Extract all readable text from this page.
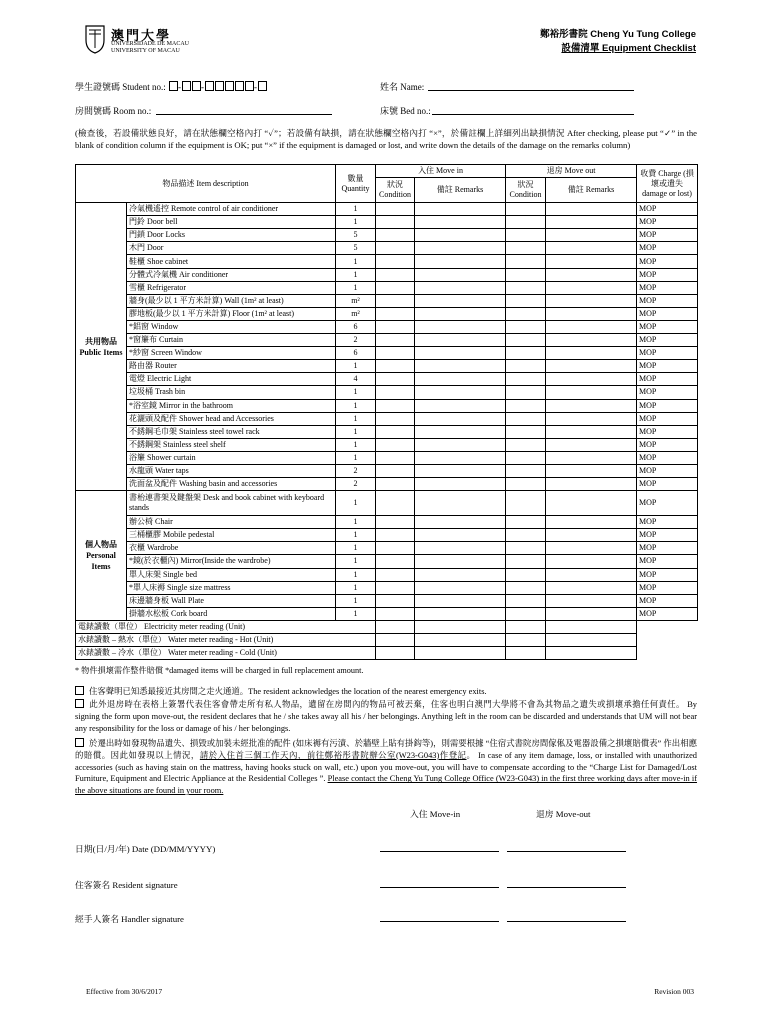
澳門大學
UNIVERSIDADE DE MACAU
UNIVERSITY OF MACAU
鄭裕彤書院 Cheng Yu Tung College
設備清單 Equipment Checklist
學生證號碼 Student no.: - -	-	姓名 Name:
房間號碼 Room no.:	床號 Bed no.:
(檢查後，若設備狀態良好，請在狀態欄空格內打 “✓”；若設備有缺損，請在狀態欄空格內打 “×”，於備註欄上詳細列出缺損情況 After checking, please put “✓” in the blank of condition column if the equipment is OK; put “×” if the equipment is damaged or lost, and write down the details of the damage on the remarks column)
物品描述 Item description		數量 Quantity	入住 Move in		退房 Move out		收費 Charge (損壞或遺失 damage or lost)
			狀況 Condition	備註 Remarks	狀況 Condition	備註 Remarks	
共用物品 Public Items	冷氣機遙控 Remote control of air conditioner	1					MOP
	門鈴 Door bell	1					MOP
	門鎖 Door Locks	5					MOP
	木門 Door	5					MOP
	鞋櫃 Shoe cabinet	1					MOP
	分體式冷氣機 Air conditioner	1					MOP
	雪櫃 Refrigerator	1					MOP
	牆身(最少以 1 平方米計算) Wall (1m² at least)	m²					MOP
	膠地板(最少以 1 平方米計算) Floor (1m² at least)	m²					MOP
	*鋁窗 Window	6					MOP
	*窗簾布 Curtain	2					MOP
	*紗窗 Screen Window	6					MOP
	路由器 Router	1					MOP
	電燈 Electric Light	4					MOP
	垃圾桶 Trash bin	1					MOP
	*浴室鏡 Mirror in the bathroom	1					MOP
	花灑頭及配件 Shower head and Accessories	1					MOP
	不銹鋼毛巾架 Stainless steel towel rack	1					MOP
	不銹鋼架 Stainless steel shelf	1					MOP
	浴簾 Shower curtain	1					MOP
	水龍頭 Water taps	2					MOP
	洗面盆及配件 Washing basin and accessories	2					MOP
個人物品 Personal Items	書枱連書架及鍵盤架 Desk and book cabinet with keyboard stands	1					MOP
	辦公椅 Chair	1					MOP
	三桶櫃膠 Mobile pedestal	1					MOP
	衣櫃 Wardrobe	1					MOP
	*鏡(於衣櫃內) Mirror(Inside the wardrobe)	1					MOP
	單人床架 Single bed	1					MOP
	*單人床褥 Single size mattress	1					MOP
	床邊牆身板 Wall Plate	1					MOP
	掛牆水松板 Cork board	1					MOP
電錶讀數（單位） Electricity meter reading (Unit)							
水錶讀數 – 熱水（單位） Water meter reading - Hot (Unit)							
水錶讀數 – 冷水（單位） Water meter reading - Cold (Unit)							
* 物件損壞需作整件賠償 *damaged items will be charged in full replacement amount.
住客聲明已知悉最接近其房間之走火通道。The resident acknowledges the location of the nearest emergency exits.
此外退房時在表格上簽署代表住客會帶走所有私人物品，遺留在房間內的物品可被丟棄，住客也明白澳門大學將不會為其物品之遺失或損壞承擔任何責任。 By signing the form upon move-out, the resident declares that he / she takes away all his / her belongings. Anything left in the room can be discarded and understands that UM will not bear any responsibility for the loss or damage of his / her belongings.
於遷出時如發現物品遺失、損毀或加裝未經批准的配件 (如床褥有污漬、於牆壁上貼有掛鈎等)，則需要根據 “住宿式書院房間傢俬及電器設備之損壞賠償表” 作出相應的賠償。因此如發現以上情況，請於入住首三個工作天內，前往鄭裕彤書院辦公室(W23-G043)作登記。 In case of any item damage, loss, or installed with unauthorized accessories (such as having stain on the mattress, having hooks stuck on wall, etc.) upon you move-out, you will have to compensate according to the “Charge List for Damaged/Lost Furniture, Equipment and Electric Appliance at the Residential Colleges ”. Please contact the Cheng Yu Tung College Office (W23-G043) in the first three working days after move-in if the above situations are found in your room.
入住 Move-in	退房 Move-out
日期(日/月/年) Date (DD/MM/YYYY)
住客簽名 Resident signature
經手人簽名 Handler signature
Effective from 30/6/2017	Revision 003
